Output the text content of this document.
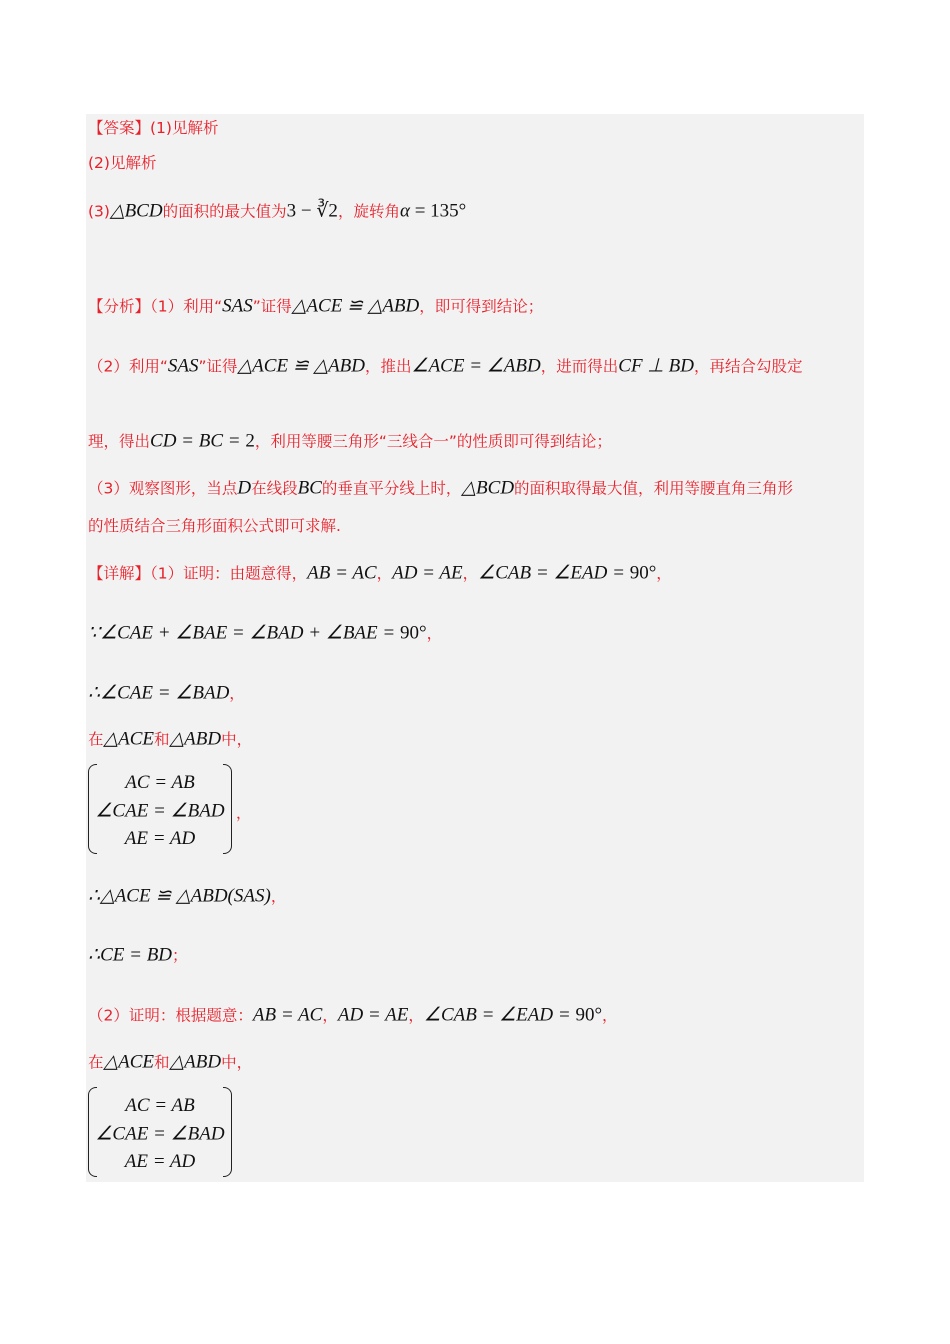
【答案】(1)见解析
(2)见解析
(3)△BCD的面积的最大值为3 − ∛2，旋转角α = 135°
【分析】（1）利用“SAS”证得△ACE ≌ △ABD，即可得到结论；
（2）利用“SAS”证得△ACE ≌ △ABD，推出∠ACE = ∠ABD，进而得出CF ⊥ BD，再结合勾股定
理，得出CD = BC = 2，利用等腰三角形“三线合一”的性质即可得到结论；
（3）观察图形，当点D在线段BC的垂直平分线上时，△BCD的面积取得最大值，利用等腰直角三角形
的性质结合三角形面积公式即可求解.
【详解】（1）证明：由题意得，AB = AC，AD = AE，∠CAB = ∠EAD = 90°，
∵∠CAE + ∠BAE = ∠BAD + ∠BAE = 90°，
∴∠CAE = ∠BAD，
在△ACE和△ABD中，
∴△ACE ≌ △ABD(SAS)，
∴CE = BD；
（2）证明：根据题意：AB = AC，AD = AE，∠CAB = ∠EAD = 90°，
在△ACE和△ABD中，
AC = AB
∠CAE = ∠BAD
AE = AD
，
AC = AB
∠CAE = ∠BAD
AE = AD
